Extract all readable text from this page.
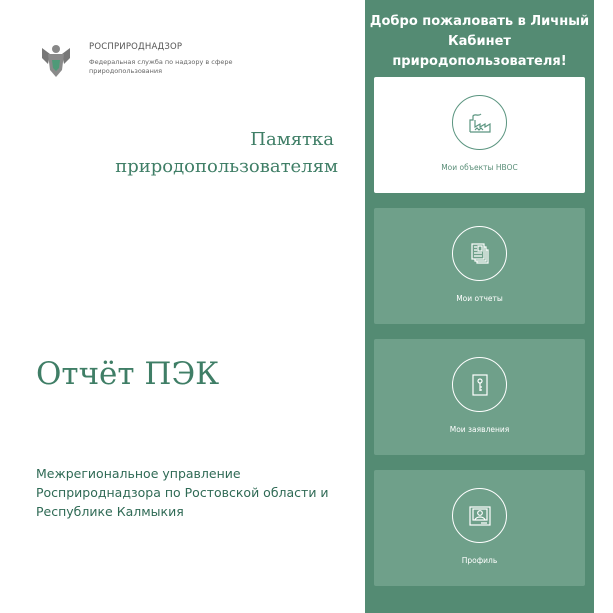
РОСПРИРОДНАДЗОР
Федеральная служба по надзору в сфере природопользования
Памятка
природопользователям
Отчёт ПЭК
Межрегиональное управление Росприроднадзора по Ростовской области и Республике Калмыкия
Добро пожаловать в Личный Кабинет природопользователя!
Мои объекты НВОС
Мои отчеты
Мои заявления
Профиль
